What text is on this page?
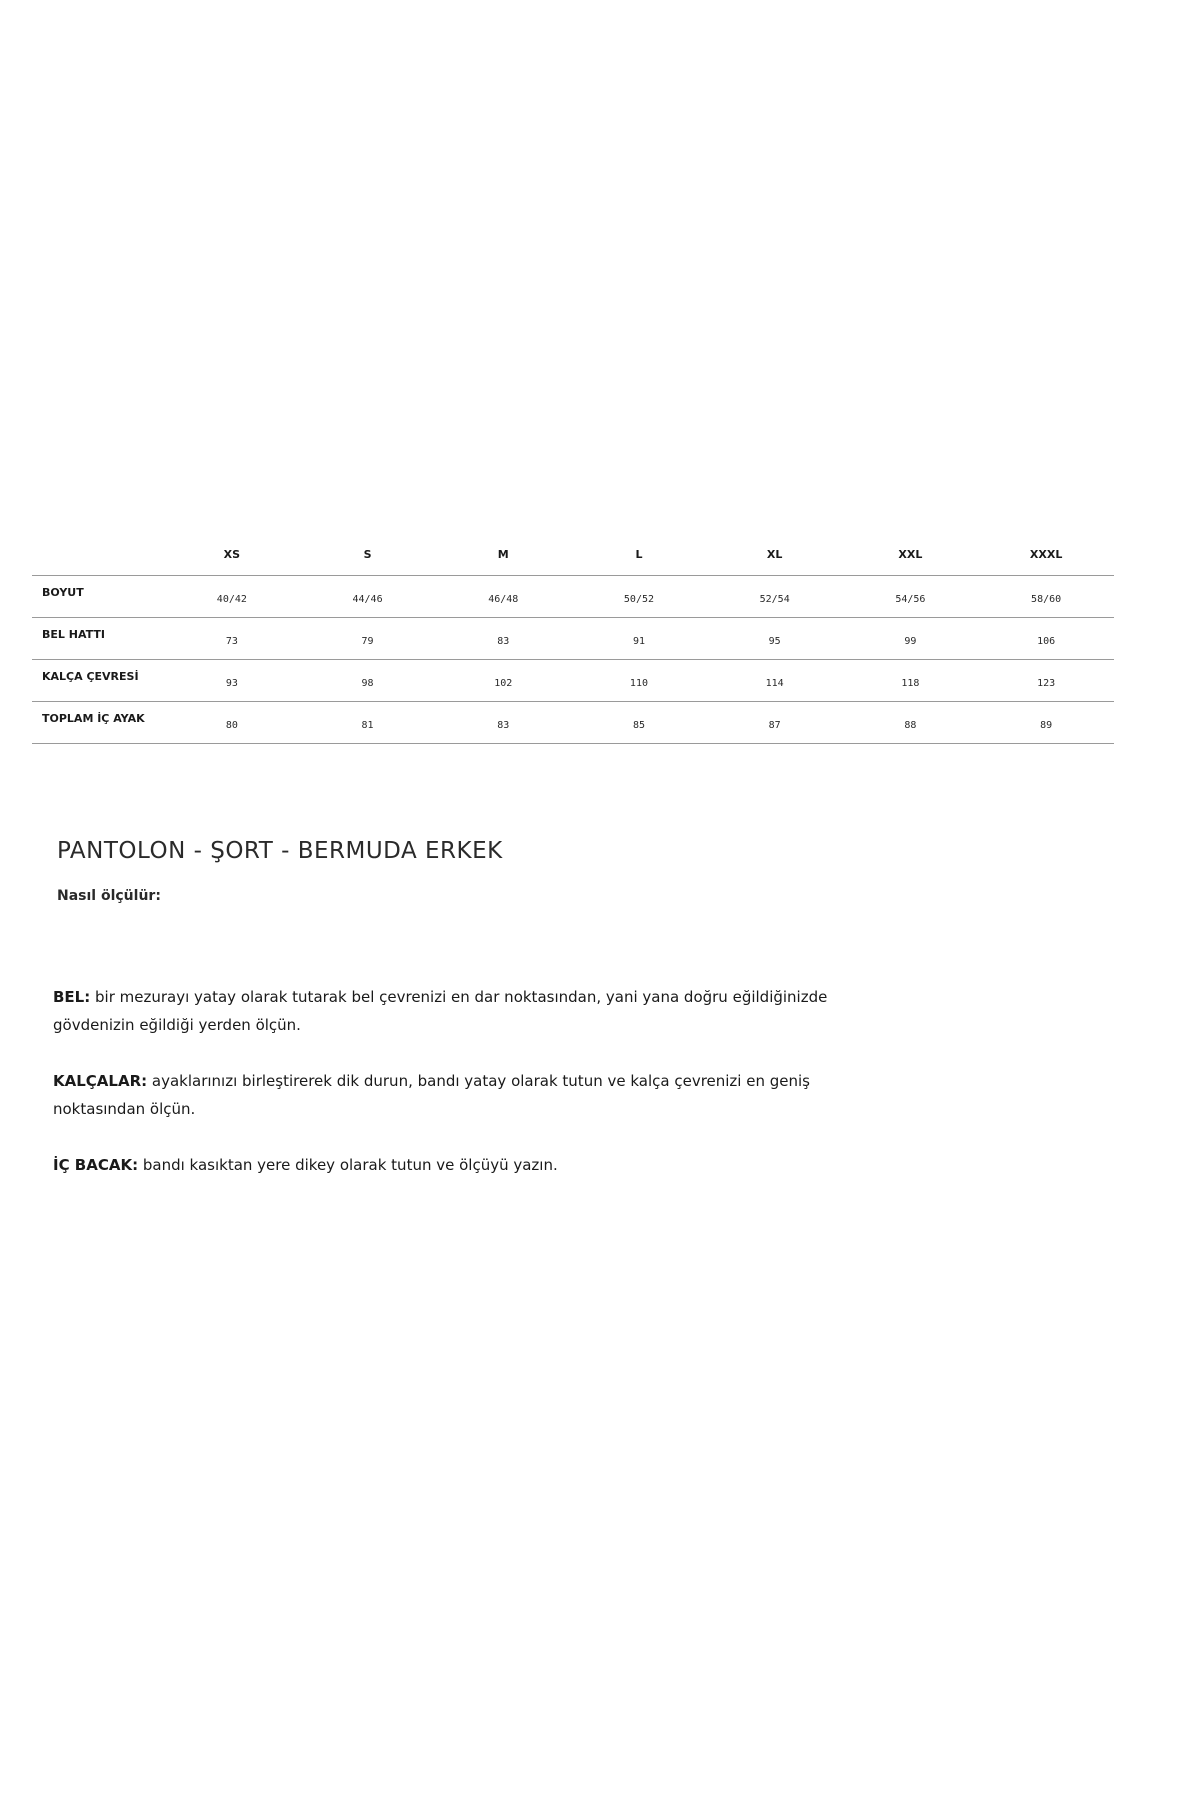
	XS	S	M	L	XL	XXL	XXXL
BOYUT	40/42	44/46	46/48	50/52	52/54	54/56	58/60
BEL HATTI	73	79	83	91	95	99	106
KALÇA ÇEVRESİ	93	98	102	110	114	118	123
TOPLAM İÇ AYAK	80	81	83	85	87	88	89
PANTOLON - ŞORT - BERMUDA ERKEK

Nasıl ölçülür:

BEL: bir mezurayı yatay olarak tutarak bel çevrenizi en dar noktasından, yani yana doğru eğildiğinizde gövdenizin eğildiği yerden ölçün.

KALÇALAR: ayaklarınızı birleştirerek dik durun, bandı yatay olarak tutun ve kalça çevrenizi en geniş noktasından ölçün.

İÇ BACAK: bandı kasıktan yere dikey olarak tutun ve ölçüyü yazın.
